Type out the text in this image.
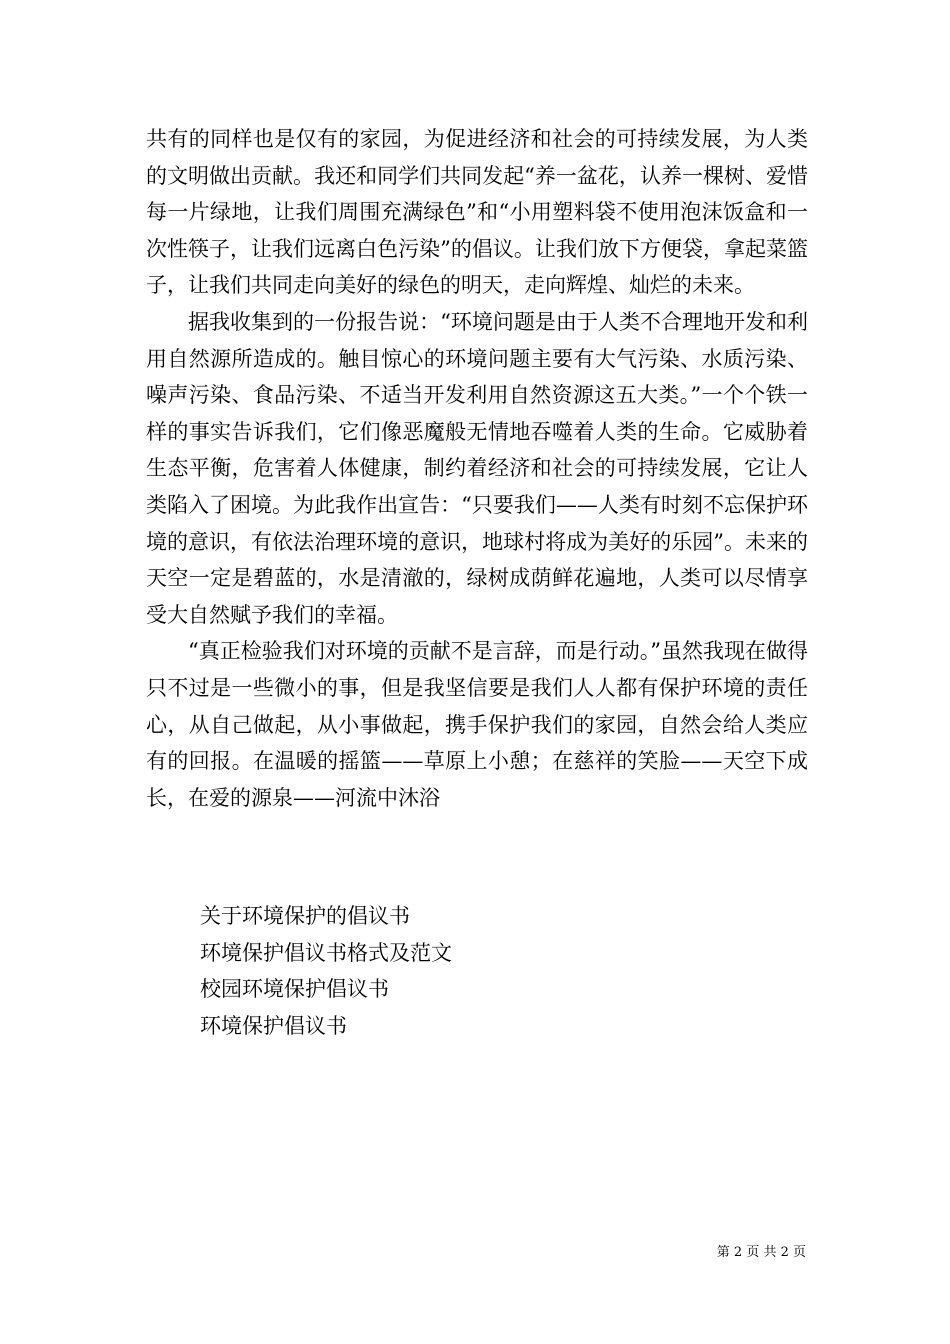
共有的同样也是仅有的家园，为促进经济和社会的可持续发展，为人类的文明做出贡献。我还和同学们共同发起“养一盆花，认养一棵树、爱惜每一片绿地，让我们周围充满绿色”和“小用塑料袋不使用泡沫饭盒和一次性筷子，让我们远离白色污染”的倡议。让我们放下方便袋，拿起菜篮子，让我们共同走向美好的绿色的明天，走向辉煌、灿烂的未来。

据我收集到的一份报告说：“环境问题是由于人类不合理地开发和利用自然源所造成的。触目惊心的环境问题主要有大气污染、水质污染、噪声污染、食品污染、不适当开发利用自然资源这五大类。”一个个铁一样的事实告诉我们，它们像恶魔般无情地吞噬着人类的生命。它威胁着生态平衡，危害着人体健康，制约着经济和社会的可持续发展，它让人类陷入了困境。为此我作出宣告：“只要我们——人类有时刻不忘保护环境的意识，有依法治理环境的意识，地球村将成为美好的乐园”。未来的天空一定是碧蓝的，水是清澈的，绿树成荫鲜花遍地，人类可以尽情享受大自然赋予我们的幸福。

“真正检验我们对环境的贡献不是言辞，而是行动。”虽然我现在做得只不过是一些微小的事，但是我坚信要是我们人人都有保护环境的责任心，从自己做起，从小事做起，携手保护我们的家园，自然会给人类应有的回报。在温暖的摇篮——草原上小憩；在慈祥的笑脸——天空下成长，在爱的源泉——河流中沐浴

关于环境保护的倡议书
环境保护倡议书格式及范文
校园环境保护倡议书
环境保护倡议书
第 2 页 共 2 页
